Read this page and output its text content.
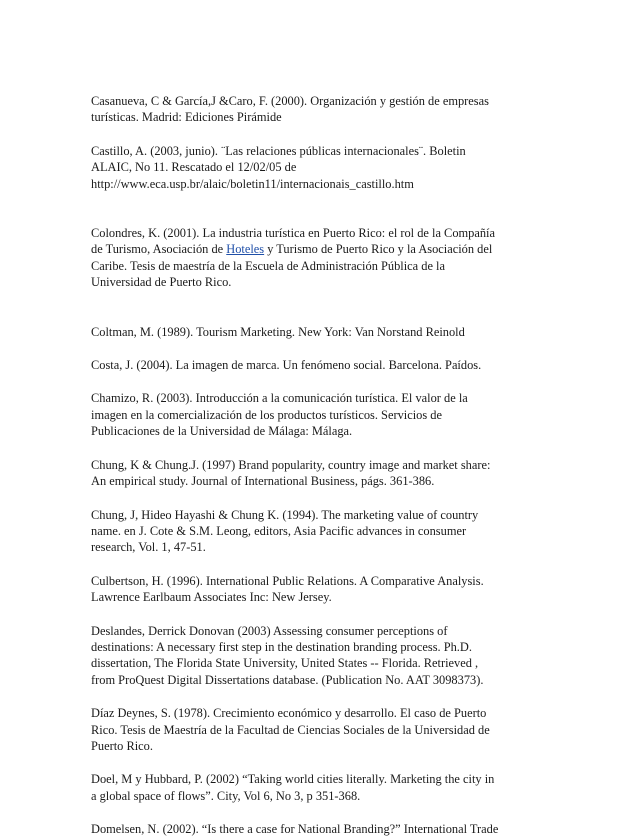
Casanueva, C & García,J &Caro, F. (2000). Organización y gestión de empresas
turísticas. Madrid: Ediciones Pirámide
Castillo, A. (2003, junio). ¨Las relaciones públicas internacionales¨. Boletin
ALAIC, No 11. Rescatado el 12/02/05 de
http://www.eca.usp.br/alaic/boletin11/internacionais_castillo.htm
Colondres, K. (2001). La industria turística en Puerto Rico: el rol de la Compañía
de Turismo, Asociación de Hoteles y Turismo de Puerto Rico y la Asociación del
Caribe. Tesis de maestría de la Escuela de Administración Pública de la
Universidad de Puerto Rico.
Coltman, M. (1989). Tourism Marketing. New York: Van Norstand Reinold
Costa, J. (2004). La imagen de marca. Un fenómeno social. Barcelona. Paídos.
Chamizo, R. (2003). Introducción a la comunicación turística. El valor de la
imagen en la comercialización de los productos turísticos. Servicios de
Publicaciones de la Universidad de Málaga: Málaga.
Chung, K & Chung.J. (1997) Brand popularity, country image and market share:
An empirical study. Journal of International Business, págs. 361-386.
Chung, J, Hideo Hayashi & Chung K. (1994). The marketing value of country
name. en J. Cote & S.M. Leong, editors, Asia Pacific advances in consumer
research, Vol. 1, 47-51.
Culbertson, H. (1996). International Public Relations. A Comparative Analysis.
Lawrence Earlbaum Associates Inc: New Jersey.
Deslandes, Derrick Donovan (2003) Assessing consumer perceptions of
destinations: A necessary first step in the destination branding process. Ph.D.
dissertation, The Florida State University, United States -- Florida. Retrieved ,
from ProQuest Digital Dissertations database. (Publication No. AAT 3098373).
Díaz Deynes, S. (1978). Crecimiento económico y desarrollo. El caso de Puerto
Rico. Tesis de Maestría de la Facultad de Ciencias Sociales de la Universidad de
Puerto Rico.
Doel, M y Hubbard, P. (2002) “Taking world cities literally. Marketing the city in
a global space of flows”. City, Vol 6, No 3, p 351-368.
Domelsen, N. (2002). “Is there a case for National Branding?” International Trade
